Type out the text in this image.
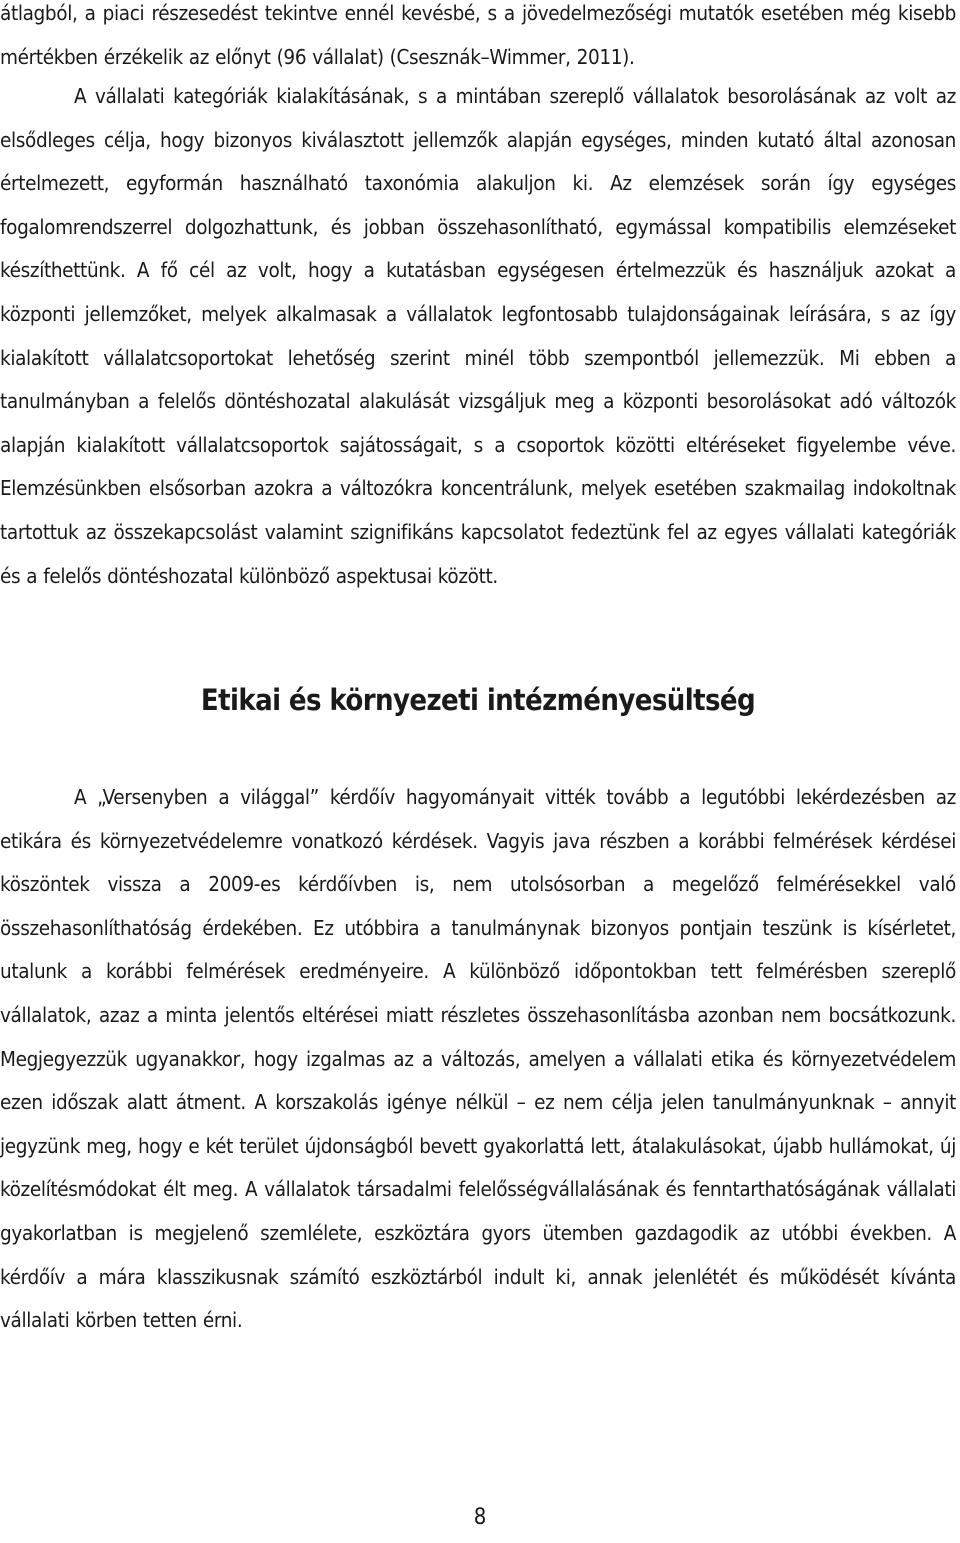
átlagból, a piaci részesedést tekintve ennél kevésbé, s a jövedelmezőségi mutatók esetében még kisebb mértékben érzékelik az előnyt (96 vállalat) (Csesznák–Wimmer, 2011).

A vállalati kategóriák kialakításának, s a mintában szereplő vállalatok besorolásának az volt az elsődleges célja, hogy bizonyos kiválasztott jellemzők alapján egységes, minden kutató által azonosan értelmezett, egyformán használható taxonómia alakuljon ki. Az elemzések során így egységes fogalomrendszerrel dolgozhattunk, és jobban összehasonlítható, egymással kompatibilis elemzéseket készíthettünk. A fő cél az volt, hogy a kutatásban egységesen értelmezzük és használjuk azokat a központi jellemzőket, melyek alkalmasak a vállalatok legfontosabb tulajdonságainak leírására, s az így kialakított vállalatcsoportokat lehetőség szerint minél több szempontból jellemezzük. Mi ebben a tanulmányban a felelős döntéshozatal alakulását vizsgáljuk meg a központi besorolásokat adó változók alapján kialakított vállalatcsoportok sajátosságait, s a csoportok közötti eltéréseket figyelembe véve. Elemzésünkben elsősorban azokra a változókra koncentrálunk, melyek esetében szakmailag indokoltnak tartottuk az összekapcsolást valamint szignifikáns kapcsolatot fedeztünk fel az egyes vállalati kategóriák és a felelős döntéshozatal különböző aspektusai között.

Etikai és környezeti intézményesültség

A „Versenyben a világgal” kérdőív hagyományait vitték tovább a legutóbbi lekérdezésben az etikára és környezetvédelemre vonatkozó kérdések. Vagyis java részben a korábbi felmérések kérdései köszöntek vissza a 2009-es kérdőívben is, nem utolsósorban a megelőző felmérésekkel való összehasonlíthatóság érdekében. Ez utóbbira a tanulmánynak bizonyos pontjain teszünk is kísérletet, utalunk a korábbi felmérések eredményeire. A különböző időpontokban tett felmérésben szereplő vállalatok, azaz a minta jelentős eltérései miatt részletes összehasonlításba azonban nem bocsátkozunk. Megjegyezzük ugyanakkor, hogy izgalmas az a változás, amelyen a vállalati etika és környezetvédelem ezen időszak alatt átment. A korszakolás igénye nélkül – ez nem célja jelen tanulmányunknak – annyit jegyzünk meg, hogy e két terület újdonságból bevett gyakorlattá lett, átalakulásokat, újabb hullámokat, új közelítésmódokat élt meg. A vállalatok társadalmi felelősségvállalásának és fenntarthatóságának vállalati gyakorlatban is megjelenő szemlélete, eszköztára gyors ütemben gazdagodik az utóbbi években. A kérdőív a mára klasszikusnak számító eszköztárból indult ki, annak jelenlétét és működését kívánta vállalati körben tetten érni.

8
